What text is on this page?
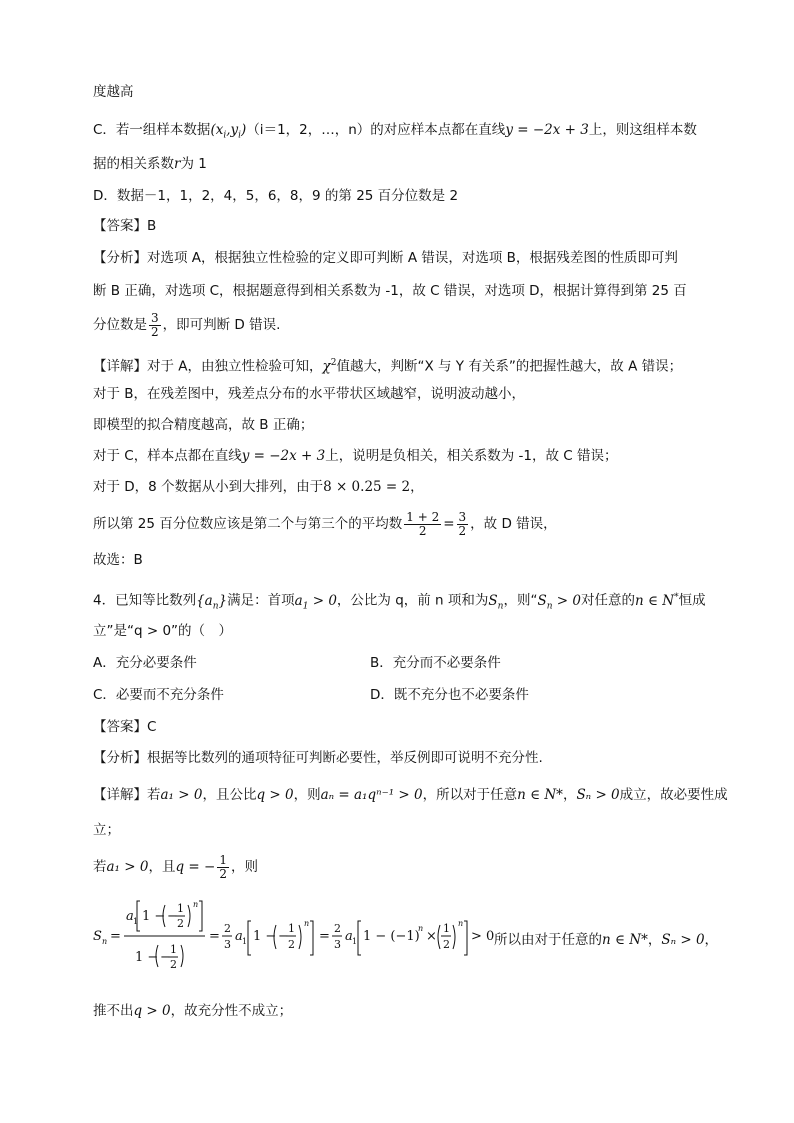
度越高
C．若一组样本数据$(x_i,y_i)(i=1$，2，…，n）的对应样本点都在直线y = −2x + 3上，则这组样本数
据的相关系数r为 1
D．数据－1，1，2，4，5，6，8，9 的第 25 百分位数是 2
【答案】B
【分析】对选项 A，根据独立性检验的定义即可判断 A 错误，对选项 B，根据残差图的性质即可判
断 B 正确，对选项 C，根据题意得到相关系数为 -1，故 C 错误，对选项 D，根据计算得到第 25 百
分位数是 $\frac{3}{2}$ ，即可判断 D 错误.
【详解】对于 A，由独立性检验可知，$\chi^2$值越大，判断“X 与 Y 有关系”的把握性越大，故 A 错误；
对于 B，在残差图中，残差点分布的水平带状区域越窄，说明波动越小，
即模型的拟合精度越高，故 B 正确；
对于 C，样本点都在直线y = −2x + 3上，说明是负相关，相关系数为 -1，故 C 错误；
对于 D，8 个数据从小到大排列，由于8 × 0.25 = 2，
所以第 25 百分位数应该是第二个与第三个的平均数 $\frac{1 + 2}{2} = \frac{3}{2}$ ，故 D 错误，
故选：B
4．已知等比数列$\{a_n\}$满足：首项$a_1 > 0$，公比为 q，前 n 项和为$S_n$，则“$S_n > 0$对任意的n ∈ N*恒成
立”是“q > 0”的（　）
A．充分必要条件	B．充分而不必要条件
C．必要而不充分条件	D．既不充分也不必要条件
【答案】C
【分析】根据等比数列的通项特征可判断必要性，举反例即可说明不充分性.
【详解】若a₁ > 0，且公比q > 0，则aₙ = a₁qⁿ⁻¹ > 0，所以对于任意n ∈ N*，Sₙ > 0成立，故必要性成
立；
若a₁ > 0，且q = − $\frac{1}{2}$ ，则
S n =
a 1 1 − −
1
2
n
1 − −
1
2
=
2
3
a 1 1 − −
1
2
n
=
2
3
a 1 1 − (−1)
n
×
1
2
n
> 0 所以由对于任意的n ∈ N*，Sₙ > 0，
推不出q > 0，故充分性不成立；
